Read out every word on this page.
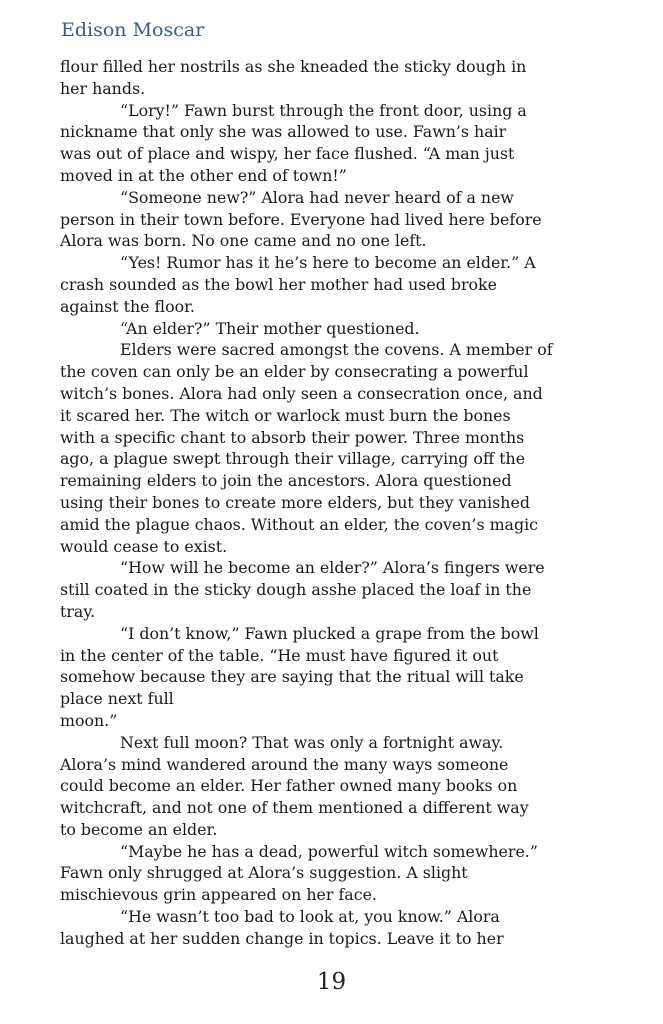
Edison Moscar

flour filled her nostrils as she kneaded the sticky dough in
her hands.
“Lory!” Fawn burst through the front door, using a
nickname that only she was allowed to use. Fawn’s hair
was out of place and wispy, her face flushed. “A man just
moved in at the other end of town!”
“Someone new?” Alora had never heard of a new
person in their town before. Everyone had lived here before
Alora was born. No one came and no one left.
“Yes! Rumor has it he’s here to become an elder.” A
crash sounded as the bowl her mother had used broke
against the floor.
“An elder?” Their mother questioned.
Elders were sacred amongst the covens. A member of
the coven can only be an elder by consecrating a powerful
witch’s bones. Alora had only seen a consecration once, and
it scared her. The witch or warlock must burn the bones
with a specific chant to absorb their power. Three months
ago, a plague swept through their village, carrying off the
remaining elders to join the ancestors. Alora questioned
using their bones to create more elders, but they vanished
amid the plague chaos. Without an elder, the coven’s magic
would cease to exist.
“How will he become an elder?” Alora’s fingers were
still coated in the sticky dough asshe placed the loaf in the
tray.
“I don’t know,” Fawn plucked a grape from the bowl
in the center of the table. “He must have figured it out
somehow because they are saying that the ritual will take
place next full
moon.”
Next full moon? That was only a fortnight away.
Alora’s mind wandered around the many ways someone
could become an elder. Her father owned many books on
witchcraft, and not one of them mentioned a different way
to become an elder.
“Maybe he has a dead, powerful witch somewhere.”
Fawn only shrugged at Alora’s suggestion. A slight
mischievous grin appeared on her face.
“He wasn’t too bad to look at, you know.” Alora
laughed at her sudden change in topics. Leave it to her

19
